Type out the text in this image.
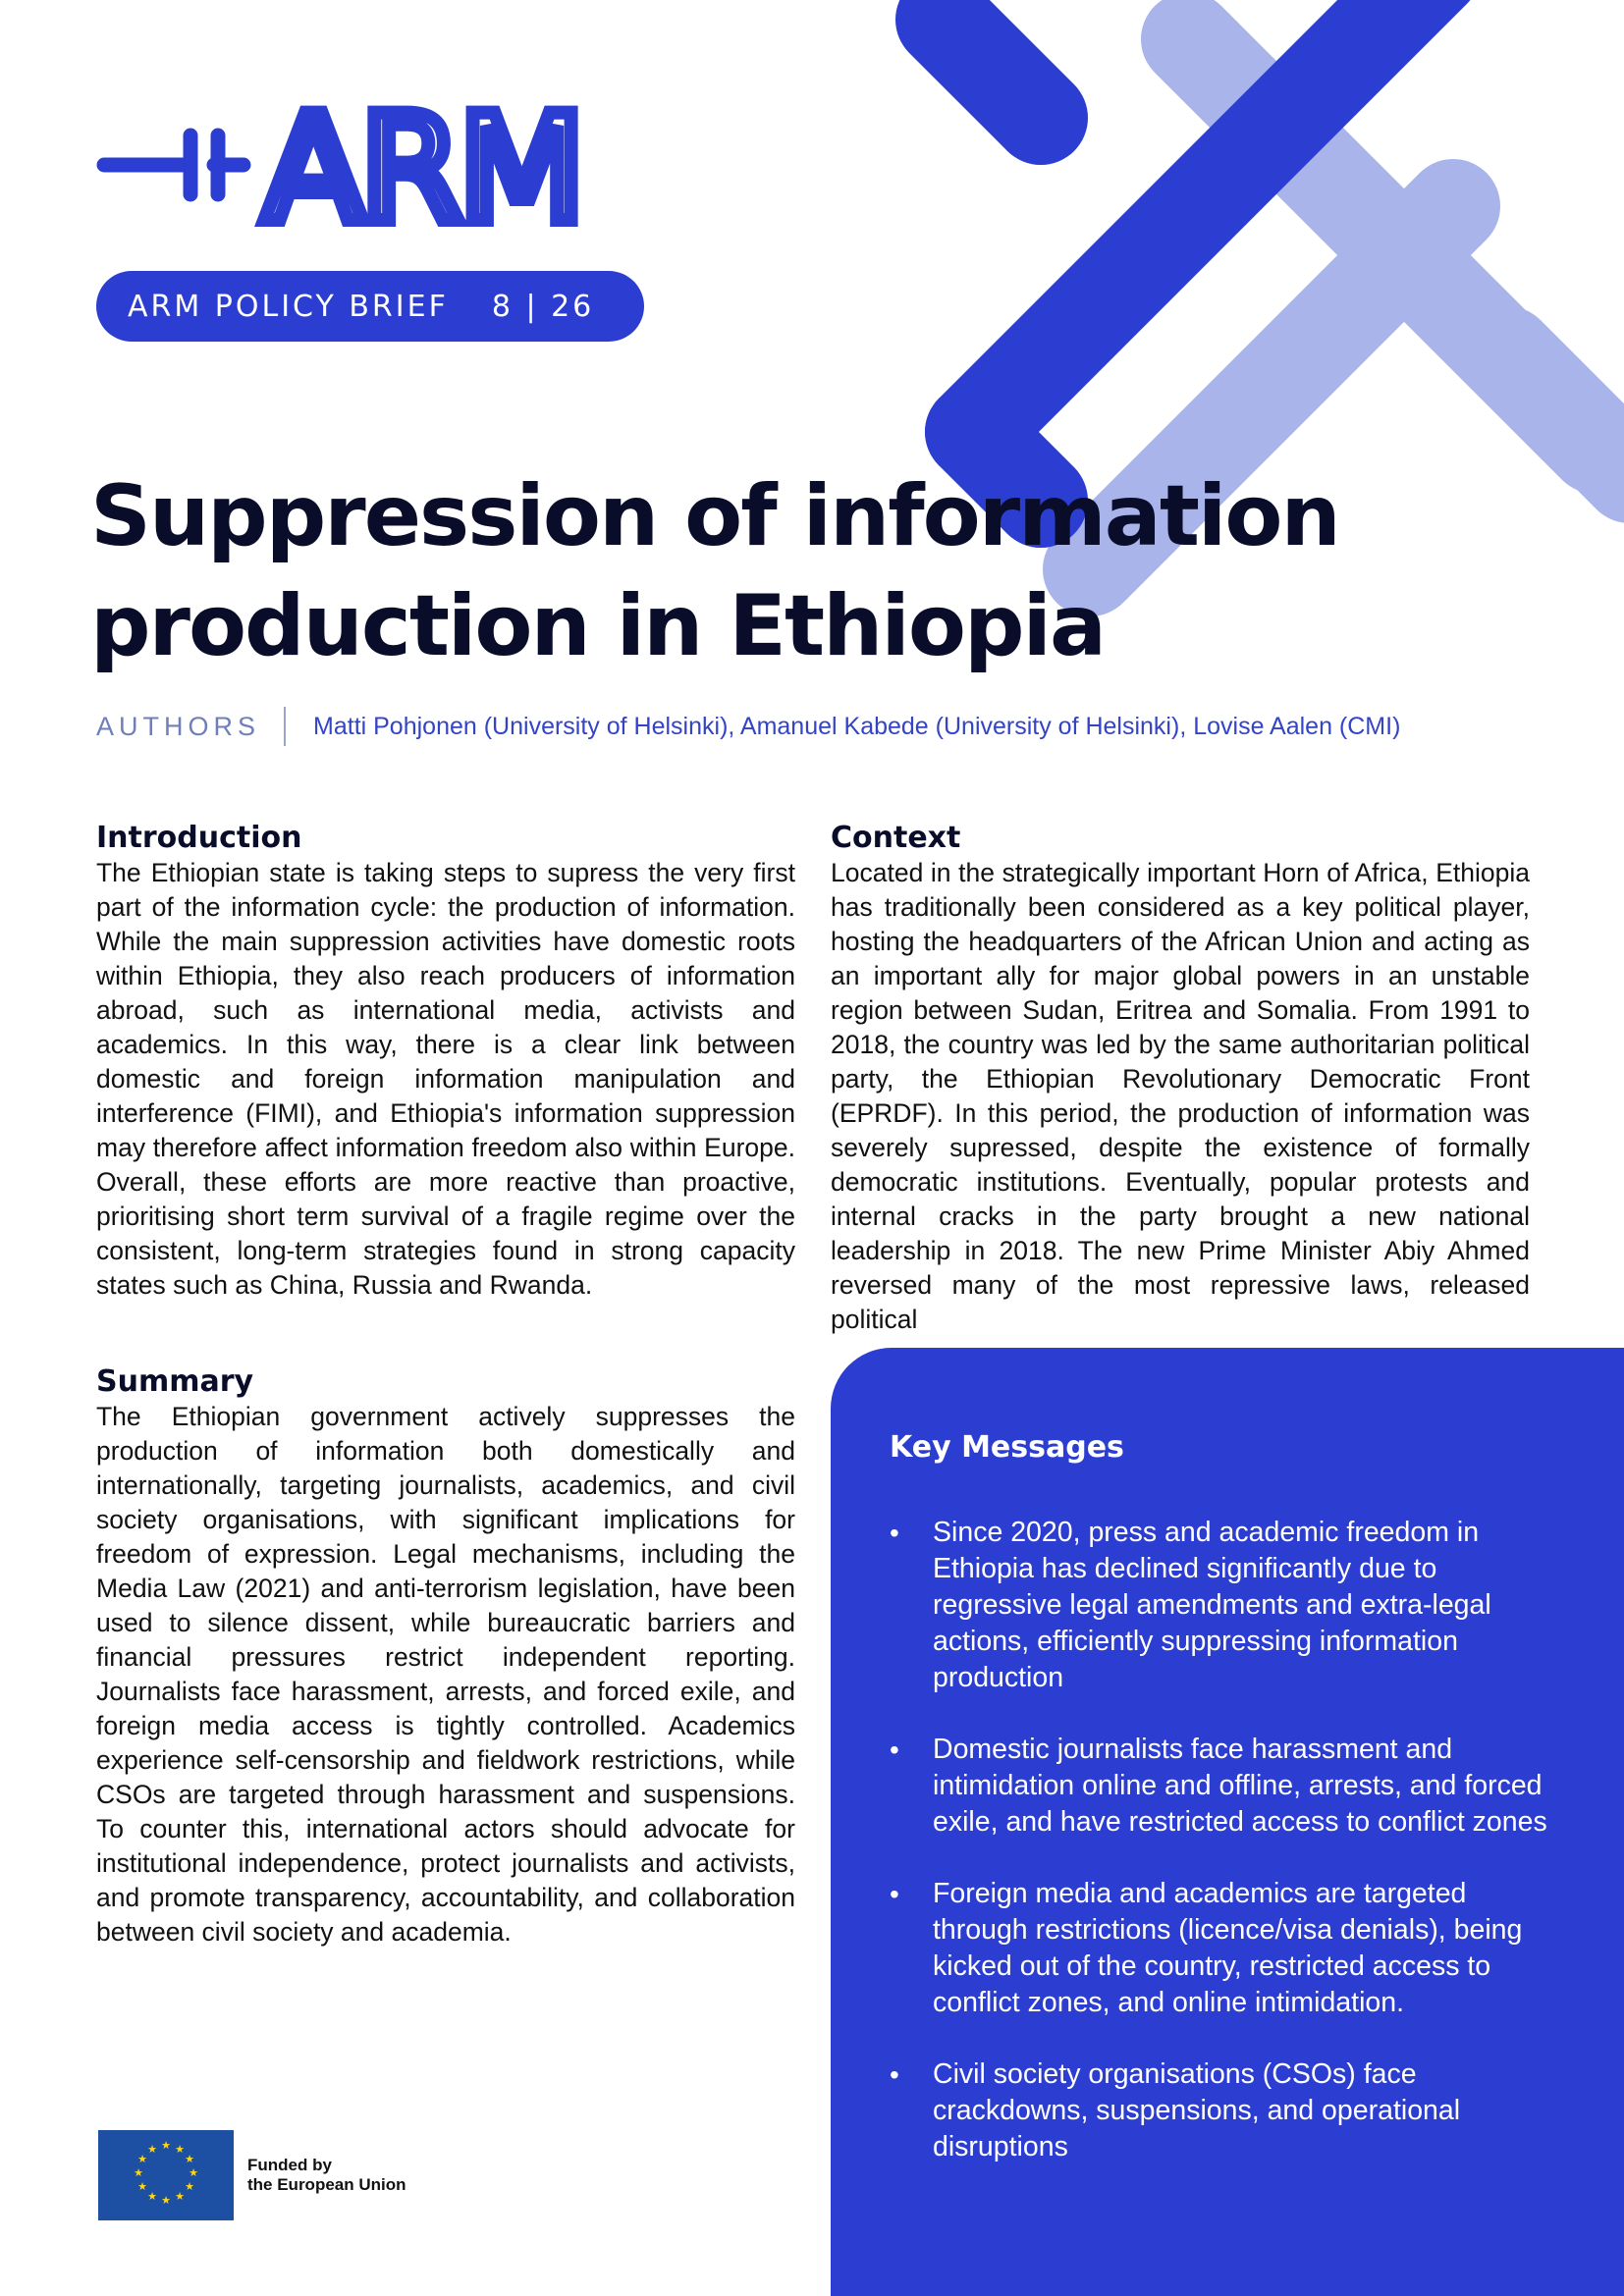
ARM
ARM POLICY BRIEF 8 | 26
Suppression of information
production in Ethiopia
AUTHORS Matti Pohjonen (University of Helsinki), Amanuel Kabede (University of Helsinki), Lovise Aalen (CMI)
Introduction

The Ethiopian state is taking steps to supress the very first part of the information cycle: the production of information. While the main suppression activities have domestic roots within Ethiopia, they also reach producers of information abroad, such as international media, activists and academics. In this way, there is a clear link between domestic and foreign information manipulation and interference (FIMI), and Ethiopia's information suppression may therefore affect information freedom also within Europe. Overall, these efforts are more reactive than proactive, prioritising short term survival of a fragile regime over the consistent, long-term strategies found in strong capacity states such as China, Russia and Rwanda.

Context

Located in the strategically important Horn of Africa, Ethiopia has traditionally been considered as a key political player, hosting the headquarters of the African Union and acting as an important ally for major global powers in an unstable region between Sudan, Eritrea and Somalia. From 1991 to 2018, the country was led by the same authoritarian political party, the Ethiopian Revolutionary Democratic Front (EPRDF). In this period, the production of information was severely supressed, despite the existence of formally democratic institutions. Eventually, popular protests and internal cracks in the party brought a new national leadership in 2018. The new Prime Minister Abiy Ahmed reversed many of the most repressive laws, released political

Summary

The Ethiopian government actively suppresses the production of information both domestically and internationally, targeting journalists, academics, and civil society organisations, with significant implications for freedom of expression. Legal mechanisms, including the Media Law (2021) and anti-terrorism legislation, have been used to silence dissent, while bureaucratic barriers and financial pressures restrict independent reporting. Journalists face harassment, arrests, and forced exile, and foreign media access is tightly controlled. Academics experience self-censorship and fieldwork restrictions, while CSOs are targeted through harassment and suspensions. To counter this, international actors should advocate for institutional independence, protect journalists and activists, and promote transparency, accountability, and collaboration between civil society and academia.

Key Messages
• Since 2020, press and academic freedom in Ethiopia has declined significantly due to regressive legal amendments and extra-legal actions, efficiently suppressing information production
• Domestic journalists face harassment and intimidation online and offline, arrests, and forced exile, and have restricted access to conflict zones
• Foreign media and academics are targeted through restrictions (licence/visa denials), being kicked out of the country, restricted access to conflict zones, and online intimidation.
• Civil society organisations (CSOs) face crackdowns, suspensions, and operational disruptions
★ ★
★
★
★
★
★
★
★
★
★
★
Funded by
the European Union
